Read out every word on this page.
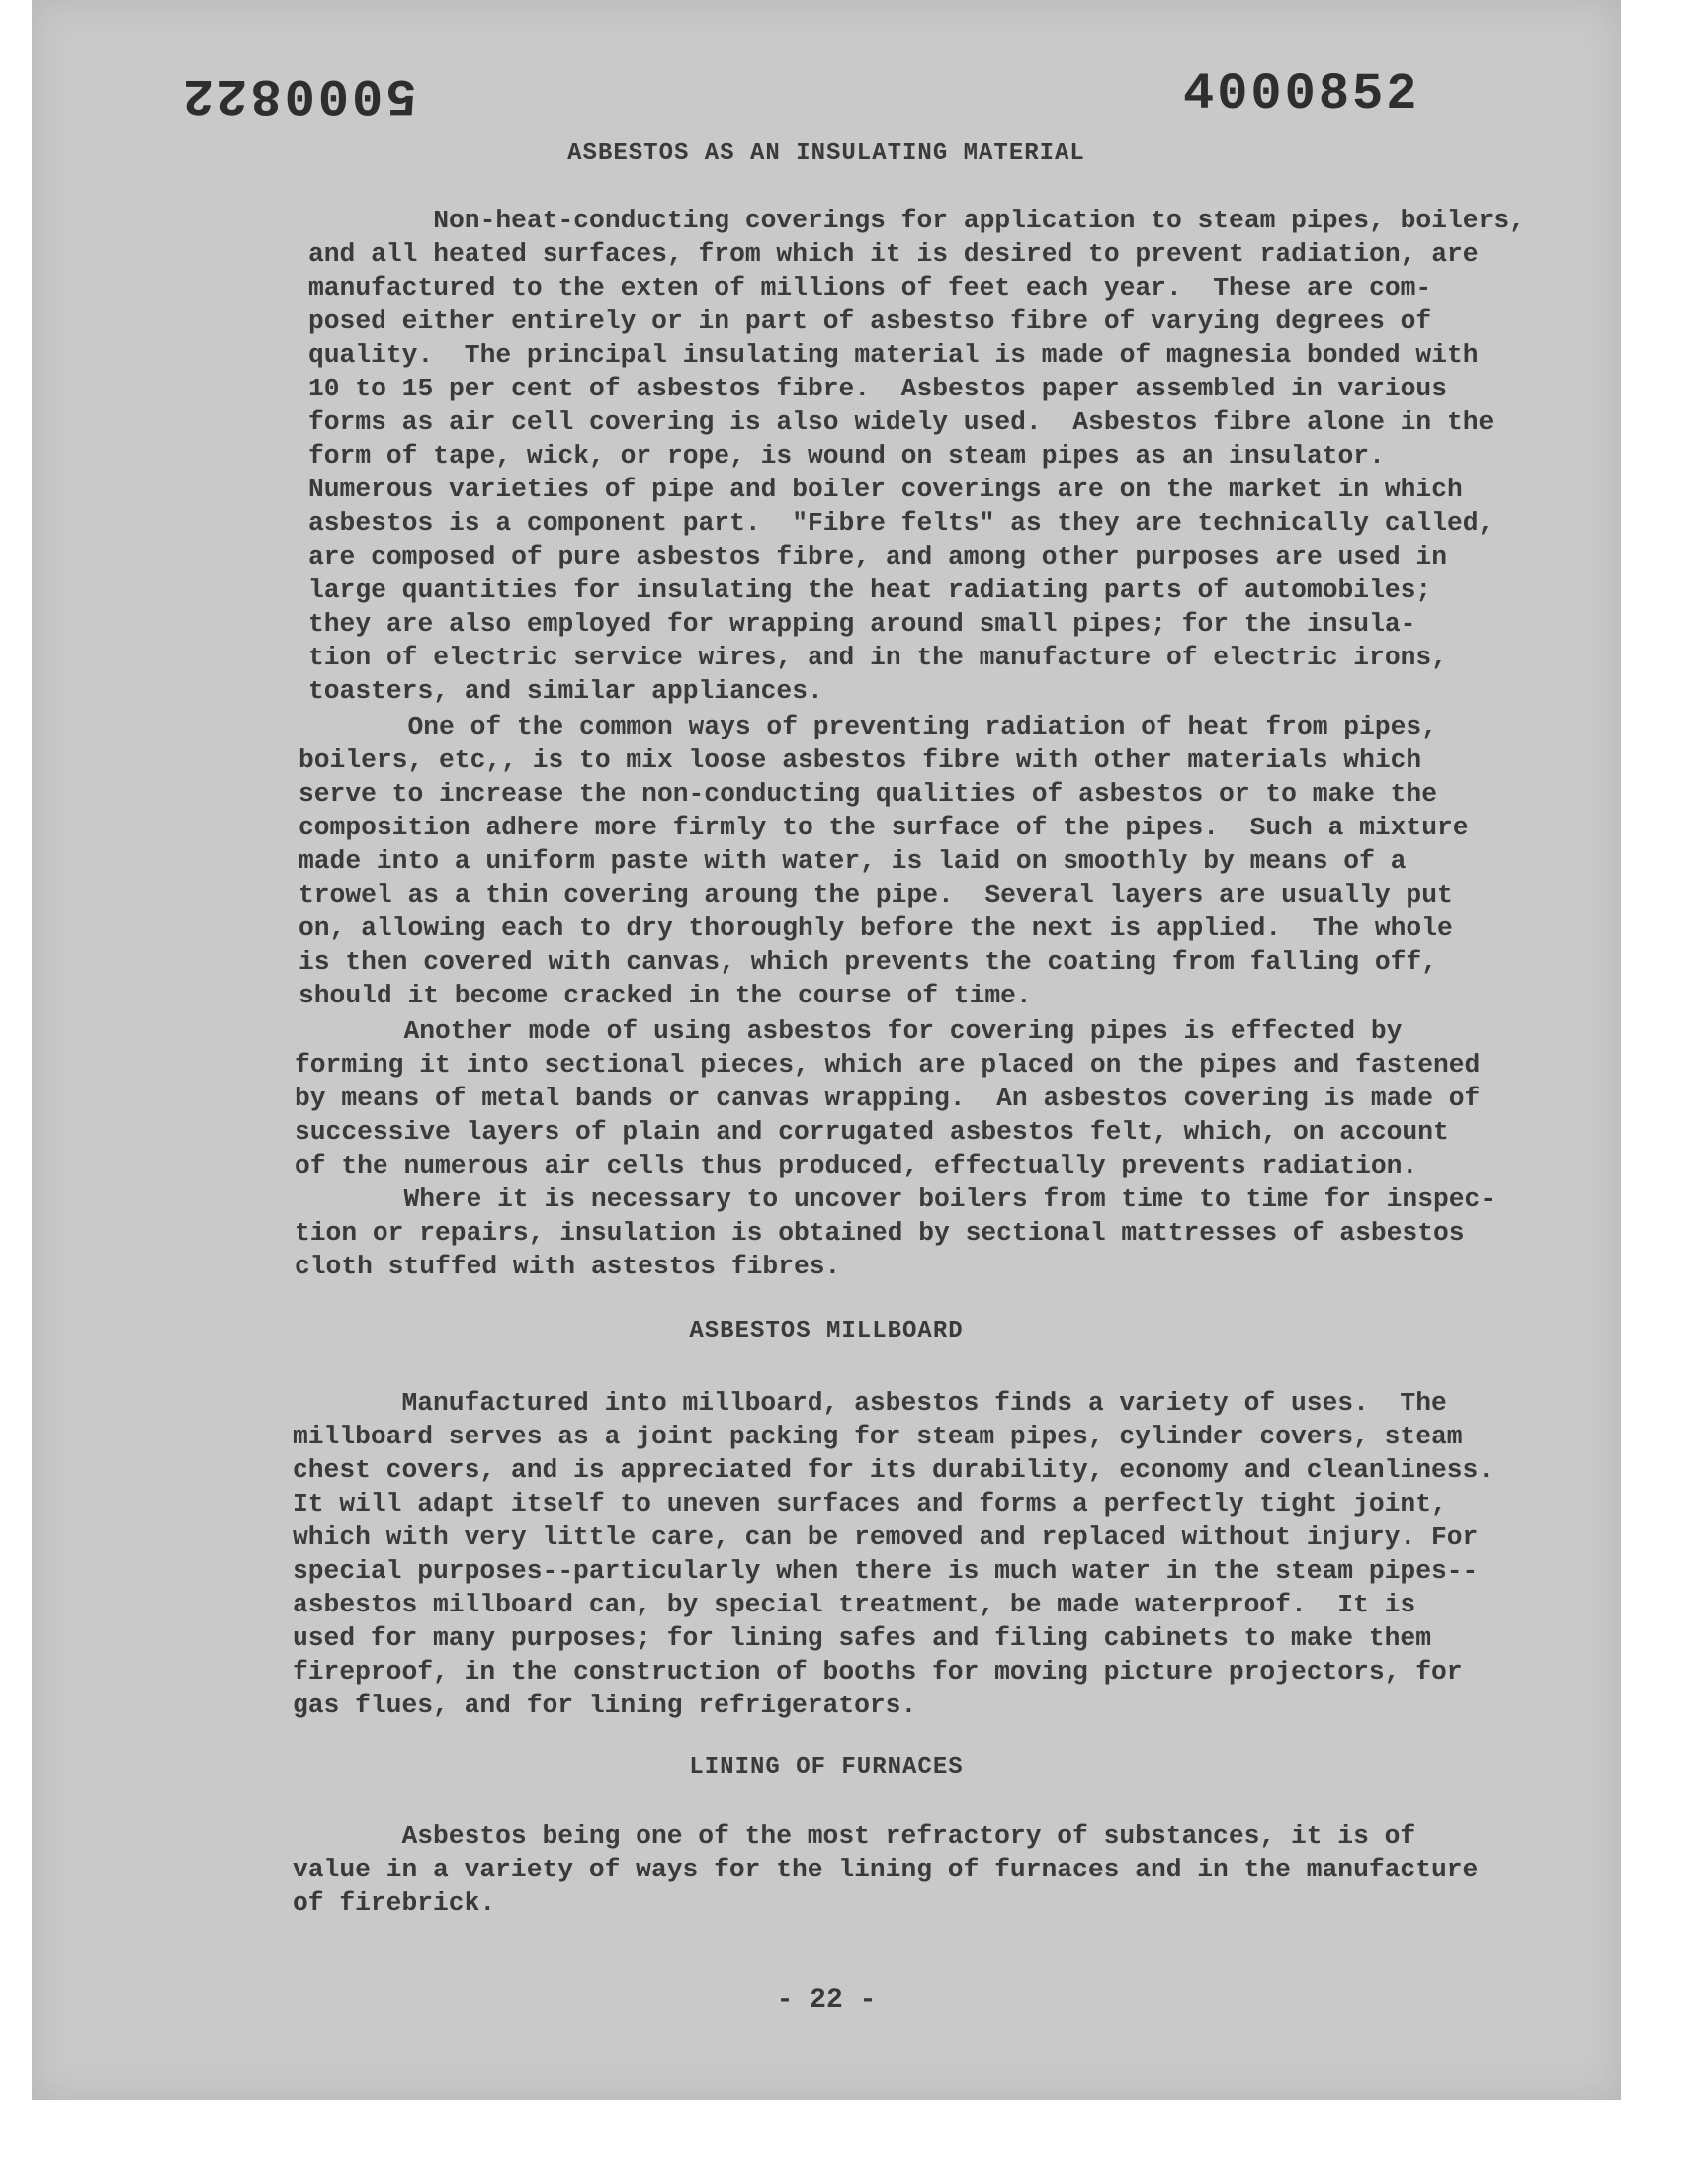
5000822	4000852
ASBESTOS AS AN INSULATING MATERIAL

Non-heat-conducting coverings for application to steam pipes, boilers,
and all heated surfaces, from which it is desired to prevent radiation, are
manufactured to the exten of millions of feet each year.  These are com-
posed either entirely or in part of asbestso fibre of varying degrees of
quality.  The principal insulating material is made of magnesia bonded with
10 to 15 per cent of asbestos fibre.  Asbestos paper assembled in various
forms as air cell covering is also widely used.  Asbestos fibre alone in the
form of tape, wick, or rope, is wound on steam pipes as an insulator.
Numerous varieties of pipe and boiler coverings are on the market in which
asbestos is a component part.  "Fibre felts" as they are technically called,
are composed of pure asbestos fibre, and among other purposes are used in
large quantities for insulating the heat radiating parts of automobiles;
they are also employed for wrapping around small pipes; for the insula-
tion of electric service wires, and in the manufacture of electric irons,
toasters, and similar appliances.

One of the common ways of preventing radiation of heat from pipes,
boilers, etc,, is to mix loose asbestos fibre with other materials which
serve to increase the non-conducting qualities of asbestos or to make the
composition adhere more firmly to the surface of the pipes.  Such a mixture
made into a uniform paste with water, is laid on smoothly by means of a
trowel as a thin covering aroung the pipe.  Several layers are usually put
on, allowing each to dry thoroughly before the next is applied.  The whole
is then covered with canvas, which prevents the coating from falling off,
should it become cracked in the course of time.

Another mode of using asbestos for covering pipes is effected by
forming it into sectional pieces, which are placed on the pipes and fastened
by means of metal bands or canvas wrapping.  An asbestos covering is made of
successive layers of plain and corrugated asbestos felt, which, on account
of the numerous air cells thus produced, effectually prevents radiation.

Where it is necessary to uncover boilers from time to time for inspec-
tion or repairs, insulation is obtained by sectional mattresses of asbestos
cloth stuffed with astestos fibres.

ASBESTOS MILLBOARD

Manufactured into millboard, asbestos finds a variety of uses.  The
millboard serves as a joint packing for steam pipes, cylinder covers, steam
chest covers, and is appreciated for its durability, economy and cleanliness.
It will adapt itself to uneven surfaces and forms a perfectly tight joint,
which with very little care, can be removed and replaced without injury. For
special purposes--particularly when there is much water in the steam pipes--
asbestos millboard can, by special treatment, be made waterproof.  It is
used for many purposes; for lining safes and filing cabinets to make them
fireproof, in the construction of booths for moving picture projectors, for
gas flues, and for lining refrigerators.

LINING OF FURNACES

Asbestos being one of the most refractory of substances, it is of
value in a variety of ways for the lining of furnaces and in the manufacture
of firebrick.

- 22 -
